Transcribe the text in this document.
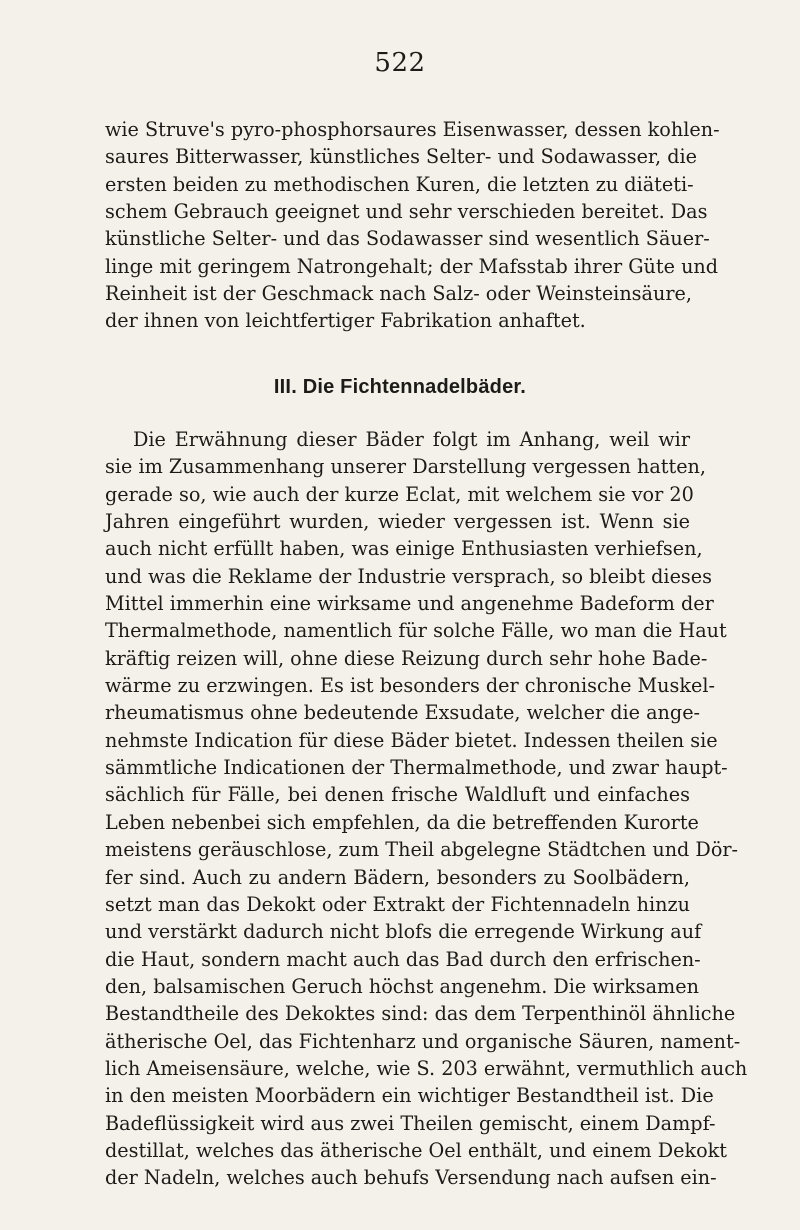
522
wie Struve's pyro-phosphorsaures Eisenwasser, dessen kohlen-
saures Bitterwasser, künstliches Selter- und Sodawasser, die
ersten beiden zu methodischen Kuren, die letzten zu diäteti-
schem Gebrauch geeignet und sehr verschieden bereitet. Das
künstliche Selter- und das Sodawasser sind wesentlich Säuer-
linge mit geringem Natrongehalt; der Mafsstab ihrer Güte und
Reinheit ist der Geschmack nach Salz- oder Weinsteinsäure,
der ihnen von leichtfertiger Fabrikation anhaftet.
III. Die Fichtennadelbäder.
Die Erwähnung dieser Bäder folgt im Anhang, weil wir
sie im Zusammenhang unserer Darstellung vergessen hatten,
gerade so, wie auch der kurze Eclat, mit welchem sie vor 20
Jahren eingeführt wurden, wieder vergessen ist. Wenn sie
auch nicht erfüllt haben, was einige Enthusiasten verhiefsen,
und was die Reklame der Industrie versprach, so bleibt dieses
Mittel immerhin eine wirksame und angenehme Badeform der
Thermalmethode, namentlich für solche Fälle, wo man die Haut
kräftig reizen will, ohne diese Reizung durch sehr hohe Bade-
wärme zu erzwingen. Es ist besonders der chronische Muskel-
rheumatismus ohne bedeutende Exsudate, welcher die ange-
nehmste Indication für diese Bäder bietet. Indessen theilen sie
sämmtliche Indicationen der Thermalmethode, und zwar haupt-
sächlich für Fälle, bei denen frische Waldluft und einfaches
Leben nebenbei sich empfehlen, da die betreffenden Kurorte
meistens geräuschlose, zum Theil abgelegne Städtchen und Dör-
fer sind. Auch zu andern Bädern, besonders zu Soolbädern,
setzt man das Dekokt oder Extrakt der Fichtennadeln hinzu
und verstärkt dadurch nicht blofs die erregende Wirkung auf
die Haut, sondern macht auch das Bad durch den erfrischen-
den, balsamischen Geruch höchst angenehm. Die wirksamen
Bestandtheile des Dekoktes sind: das dem Terpenthinöl ähnliche
ätherische Oel, das Fichtenharz und organische Säuren, nament-
lich Ameisensäure, welche, wie S. 203 erwähnt, vermuthlich auch
in den meisten Moorbädern ein wichtiger Bestandtheil ist. Die
Badeflüssigkeit wird aus zwei Theilen gemischt, einem Dampf-
destillat, welches das ätherische Oel enthält, und einem Dekokt
der Nadeln, welches auch behufs Versendung nach aufsen ein-
